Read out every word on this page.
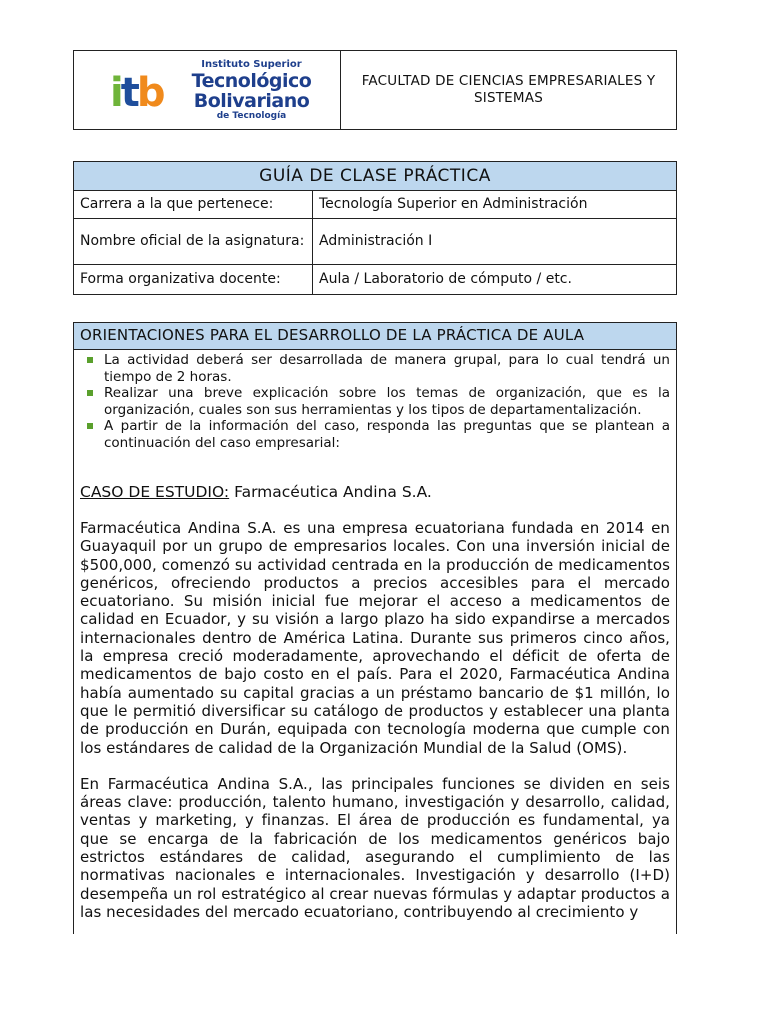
itb
Instituto Superior
Tecnológico
Bolivariano
de Tecnología
FACULTAD DE CIENCIAS EMPRESARIALES Y SISTEMAS
GUÍA DE CLASE PRÁCTICA	
Carrera a la que pertenece:	Tecnología Superior en Administración
Nombre oficial de la asignatura:	Administración I
Forma organizativa docente:	Aula / Laboratorio de cómputo / etc.
ORIENTACIONES PARA EL DESARROLLO DE LA PRÁCTICA DE AULA
La actividad deberá ser desarrollada de manera grupal, para lo cual tendrá un tiempo de 2 horas.
Realizar una breve explicación sobre los temas de organización, que es la organización, cuales son sus herramientas y los tipos de departamentalización.
A partir de la información del caso, responda las preguntas que se plantean a continuación del caso empresarial:
CASO DE ESTUDIO: Farmacéutica Andina S.A.

Farmacéutica Andina S.A. es una empresa ecuatoriana fundada en 2014 en Guayaquil por un grupo de empresarios locales. Con una inversión inicial de $500,000, comenzó su actividad centrada en la producción de medicamentos genéricos, ofreciendo productos a precios accesibles para el mercado ecuatoriano. Su misión inicial fue mejorar el acceso a medicamentos de calidad en Ecuador, y su visión a largo plazo ha sido expandirse a mercados internacionales dentro de América Latina. Durante sus primeros cinco años, la empresa creció moderadamente, aprovechando el déficit de oferta de medicamentos de bajo costo en el país. Para el 2020, Farmacéutica Andina había aumentado su capital gracias a un préstamo bancario de $1 millón, lo que le permitió diversificar su catálogo de productos y establecer una planta de producción en Durán, equipada con tecnología moderna que cumple con los estándares de calidad de la Organización Mundial de la Salud (OMS).

En Farmacéutica Andina S.A., las principales funciones se dividen en seis áreas clave: producción, talento humano, investigación y desarrollo, calidad, ventas y marketing, y finanzas. El área de producción es fundamental, ya que se encarga de la fabricación de los medicamentos genéricos bajo estrictos estándares de calidad, asegurando el cumplimiento de las normativas nacionales e internacionales. Investigación y desarrollo (I+D) desempeña un rol estratégico al crear nuevas fórmulas y adaptar productos a las necesidades del mercado ecuatoriano, contribuyendo al crecimiento y
